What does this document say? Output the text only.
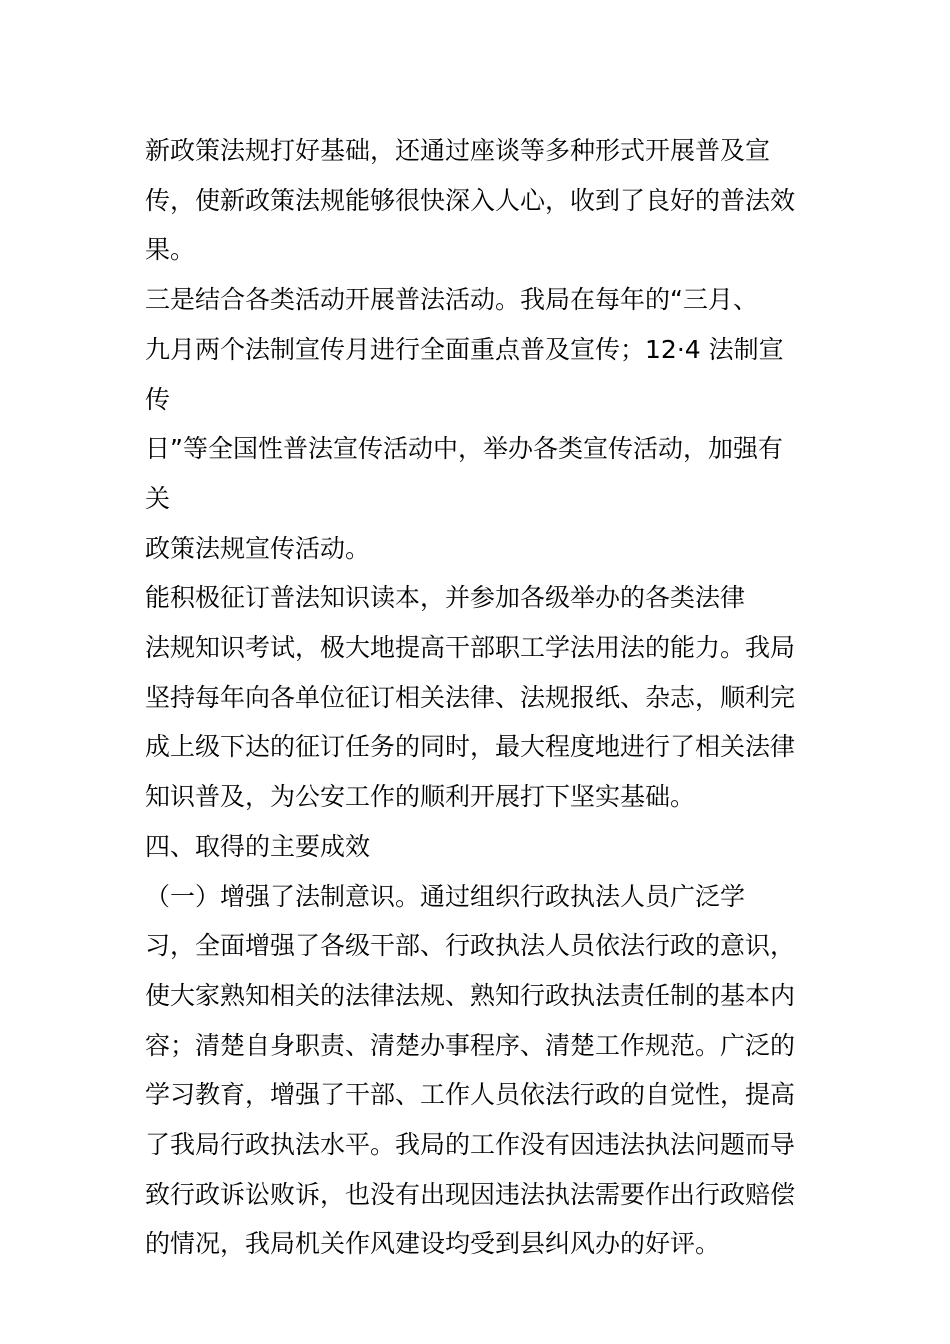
新政策法规打好基础，还通过座谈等多种形式开展普及宣
传，使新政策法规能够很快深入人心，收到了良好的普法效
果。

三是结合各类活动开展普法活动。我局在每年的“三月、
九月两个法制宣传月进行全面重点普及宣传；12·4 法制宣传
日”等全国性普法宣传活动中，举办各类宣传活动，加强有关
政策法规宣传活动。

能积极征订普法知识读本，并参加各级举办的各类法律
法规知识考试，极大地提高干部职工学法用法的能力。我局
坚持每年向各单位征订相关法律、法规报纸、杂志，顺利完
成上级下达的征订任务的同时，最大程度地进行了相关法律
知识普及，为公安工作的顺利开展打下坚实基础。

四、取得的主要成效

（一）增强了法制意识。通过组织行政执法人员广泛学
习，全面增强了各级干部、行政执法人员依法行政的意识，
使大家熟知相关的法律法规、熟知行政执法责任制的基本内
容；清楚自身职责、清楚办事程序、清楚工作规范。广泛的
学习教育，增强了干部、工作人员依法行政的自觉性，提高
了我局行政执法水平。我局的工作没有因违法执法问题而导
致行政诉讼败诉，也没有出现因违法执法需要作出行政赔偿
的情况，我局机关作风建设均受到县纠风办的好评。
